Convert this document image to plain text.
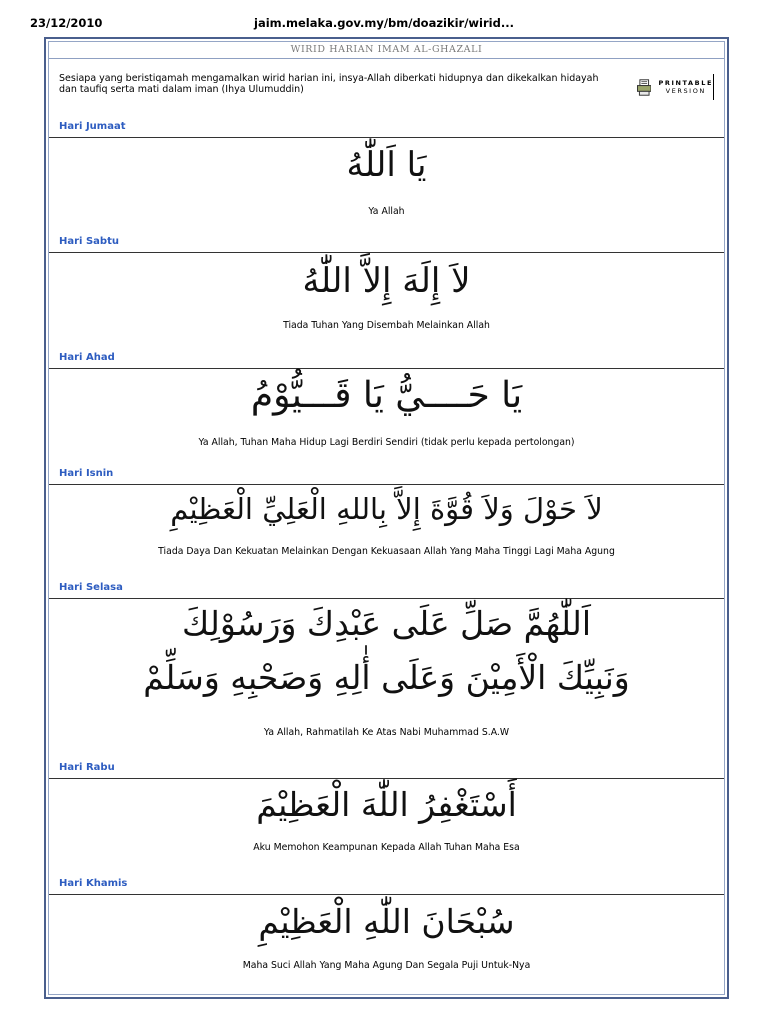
23/12/2010	jaim.melaka.gov.my/bm/doazikir/wirid...
WIRID HARIAN IMAM AL-GHAZALI
Sesiapa yang beristiqamah mengamalkan wirid harian ini, insya-Allah diberkati hidupnya dan dikekalkan hidayah dan taufiq serta mati dalam iman (Ihya Ulumuddin)
PRINTABLE
VERSION
Hari Jumaat
يَا اَللّٰهُ
Ya Allah
Hari Sabtu
لاَ إِلَهَ إِلاَّ اللّٰهُ
Tiada Tuhan Yang Disembah Melainkan Allah
Hari Ahad
يَا حَــــيُّ يَا قَـــيُّوْمُ
Ya Allah, Tuhan Maha Hidup Lagi Berdiri Sendiri (tidak perlu kepada pertolongan)
Hari Isnin
لاَ حَوْلَ وَلاَ قُوَّةَ إِلاَّ بِاللهِ الْعَلِيِّ الْعَظِيْمِ
Tiada Daya Dan Kekuatan Melainkan Dengan Kekuasaan Allah Yang Maha Tinggi Lagi Maha Agung
Hari Selasa
اَللّٰهُمَّ صَلِّ عَلَى عَبْدِكَ وَرَسُوْلِكَ
وَنَبِيِّكَ الْأَمِيْنَ وَعَلَى أٰلِهِ وَصَحْبِهِ وَسَلِّمْ
Ya Allah, Rahmatilah Ke Atas Nabi Muhammad S.A.W
Hari Rabu
أَسْتَغْفِرُ اللّٰهَ الْعَظِيْمَ
Aku Memohon Keampunan Kepada Allah Tuhan Maha Esa
Hari Khamis
سُبْحَانَ اللّٰهِ الْعَظِيْمِ
Maha Suci Allah Yang Maha Agung Dan Segala Puji Untuk-Nya
